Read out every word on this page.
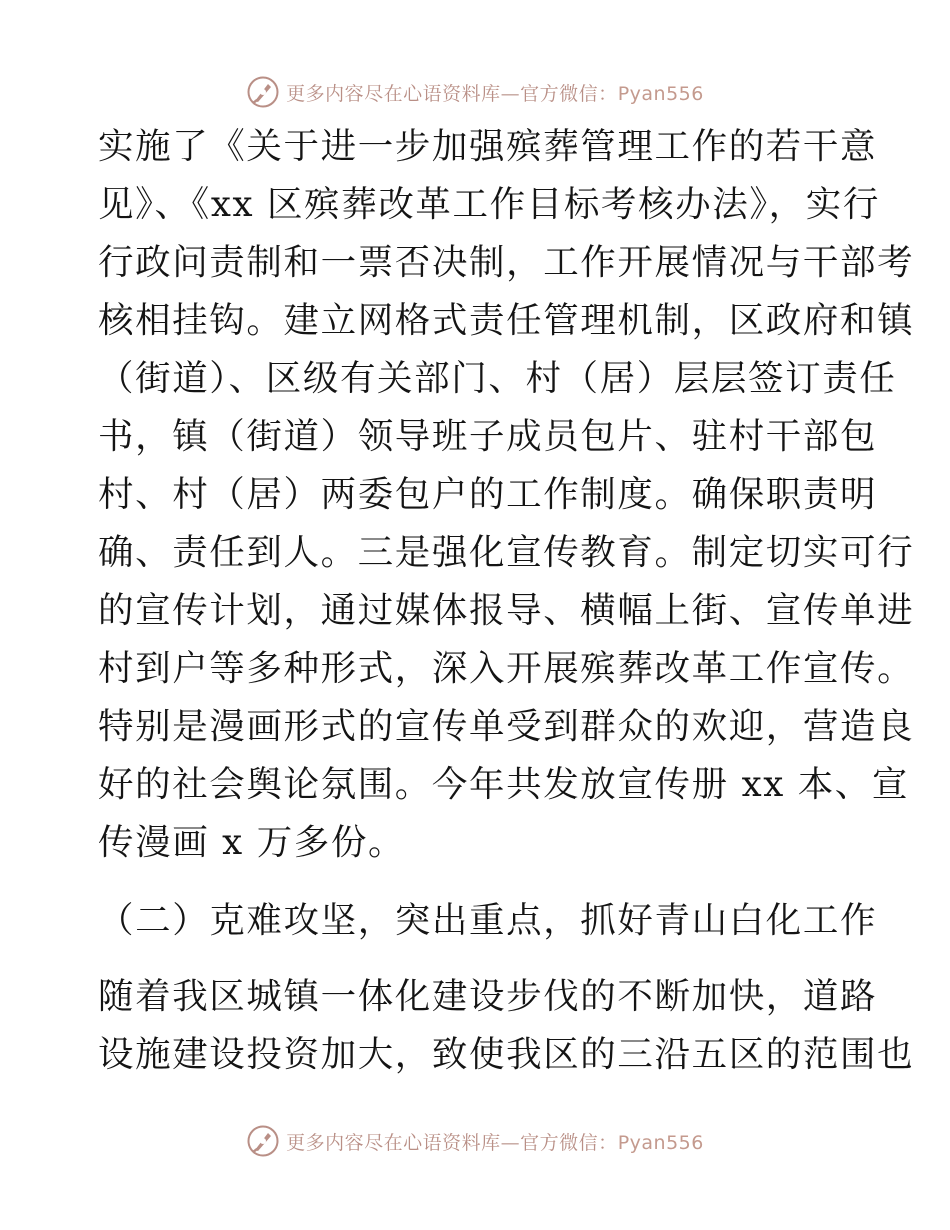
更多内容尽在心语资料库—官方微信：Pyan556
实施了《关于进一步加强殡葬管理工作的若干意
见》、《xx 区殡葬改革工作目标考核办法》，实行
行政问责制和一票否决制，工作开展情况与干部考
核相挂钩。建立网格式责任管理机制，区政府和镇
（街道）、区级有关部门、村（居）层层签订责任
书，镇（街道）领导班子成员包片、驻村干部包
村、村（居）两委包户的工作制度。确保职责明
确、责任到人。三是强化宣传教育。制定切实可行
的宣传计划，通过媒体报导、横幅上街、宣传单进
村到户等多种形式，深入开展殡葬改革工作宣传。
特别是漫画形式的宣传单受到群众的欢迎，营造良
好的社会舆论氛围。今年共发放宣传册 xx 本、宣
传漫画 x 万多份。
（二）克难攻坚，突出重点，抓好青山白化工作
随着我区城镇一体化建设步伐的不断加快，道路
设施建设投资加大，致使我区的三沿五区的范围也
更多内容尽在心语资料库—官方微信：Pyan556
